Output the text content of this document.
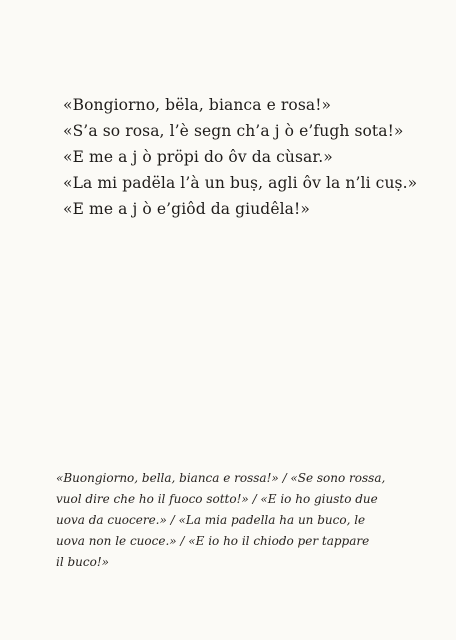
«Bongiorno, bëla, bianca e rosa!»
«S’a so rosa, l’è segn ch’a j ò e’fugh sota!»
«E me a j ò pröpi do ôv da cùsar.»
«La mi padëla l’à un buṣ, agli ôv la n’li cuṣ.»
«E me a j ò e’giôd da giudêla!»
«Buongiorno, bella, bianca e rossa!» / «Se sono rossa,
vuol dire che ho il fuoco sotto!» / «E io ho giusto due
uova da cuocere.» / «La mia padella ha un buco, le
uova non le cuoce.» / «E io ho il chiodo per tappare
il buco!»
